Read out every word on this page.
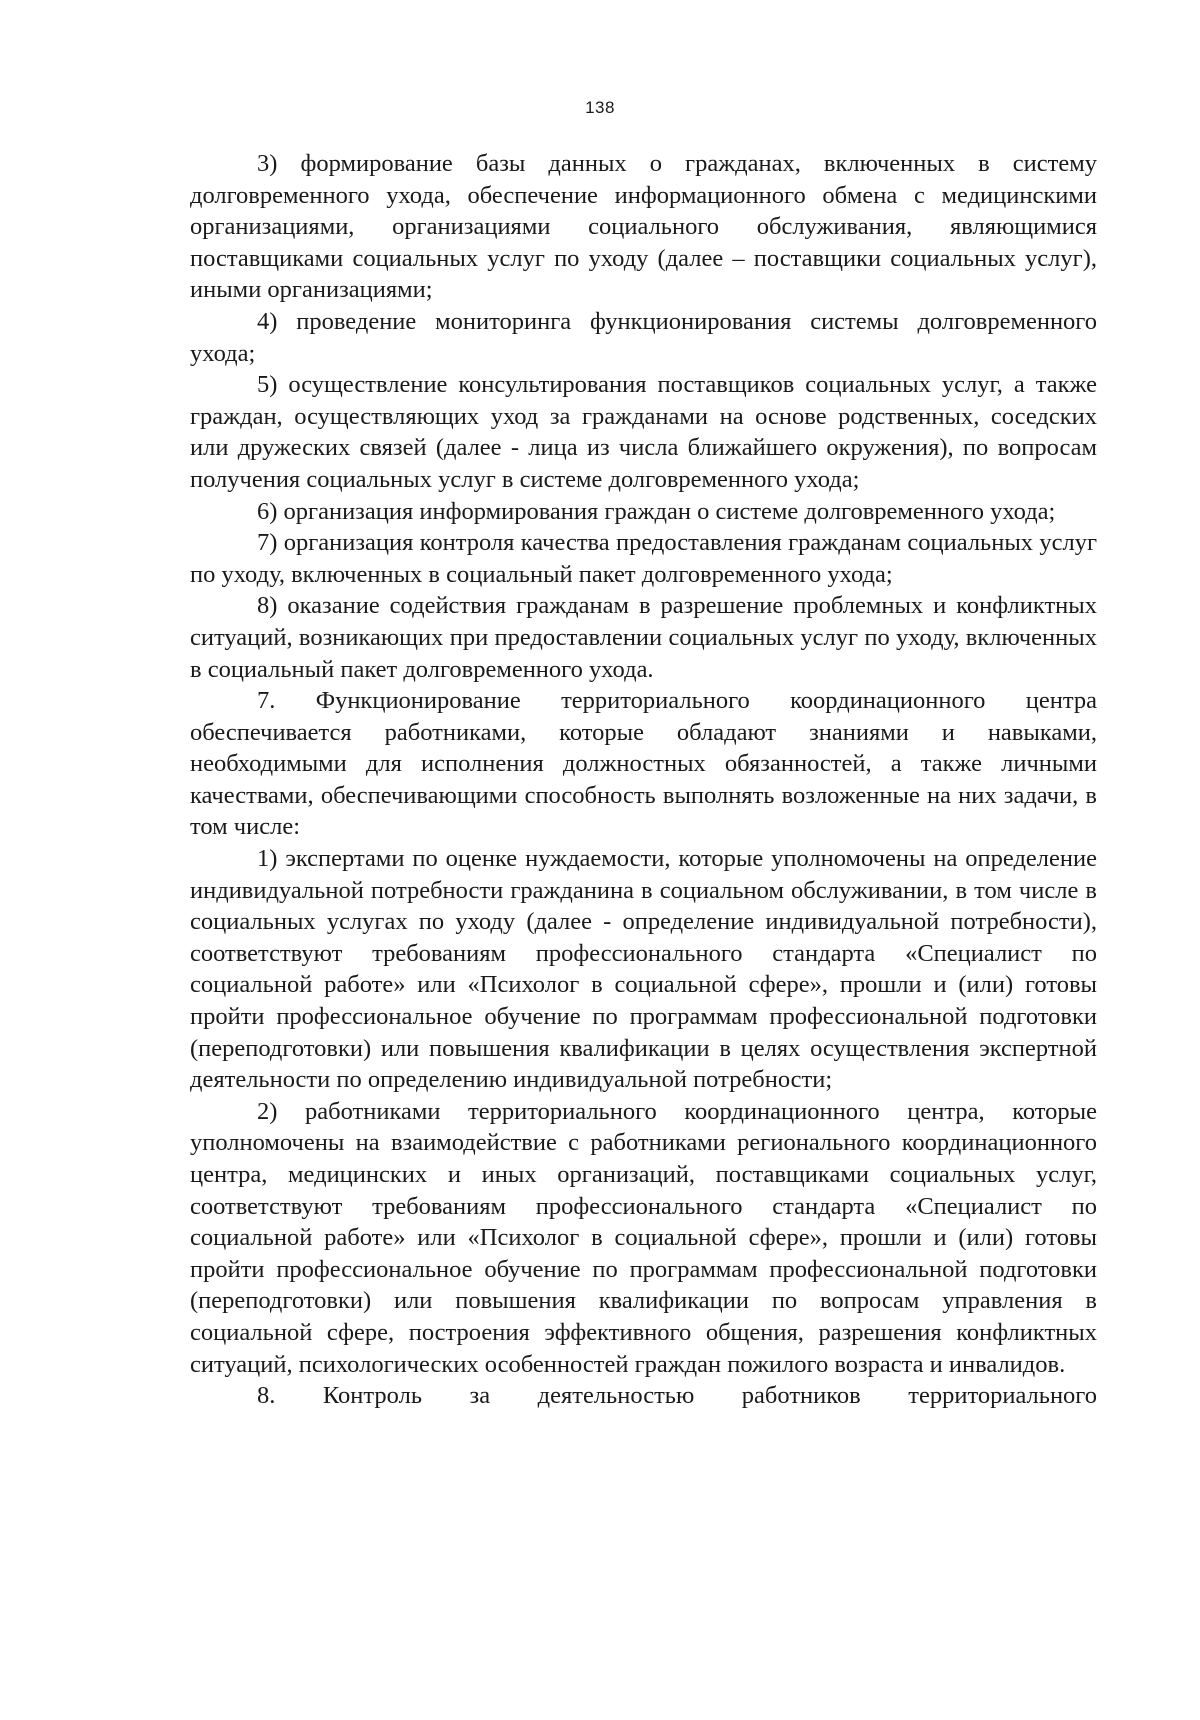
138

3) формирование базы данных о гражданах, включенных в систему долговременного ухода, обеспечение информационного обмена с медицинскими организациями, организациями социального обслуживания, являющимися поставщиками социальных услуг по уходу (далее – поставщики социальных услуг), иными организациями;

4) проведение мониторинга функционирования системы долговременного ухода;

5) осуществление консультирования поставщиков социальных услуг, а также граждан, осуществляющих уход за гражданами на основе родственных, соседских или дружеских связей (далее - лица из числа ближайшего окружения), по вопросам получения социальных услуг в системе долговременного ухода;

6) организация информирования граждан о системе долговременного ухода;

7) организация контроля качества предоставления гражданам социальных услуг по уходу, включенных в социальный пакет долговременного ухода;

8) оказание содействия гражданам в разрешение проблемных и конфликтных ситуаций, возникающих при предоставлении социальных услуг по уходу, включенных в социальный пакет долговременного ухода.

7. Функционирование территориального координационного центра обеспечивается работниками, которые обладают знаниями и навыками, необходимыми для исполнения должностных обязанностей, а также личными качествами, обеспечивающими способность выполнять возложенные на них задачи, в том числе:

1) экспертами по оценке нуждаемости, которые уполномочены на определение индивидуальной потребности гражданина в социальном обслуживании, в том числе в социальных услугах по уходу (далее - определение индивидуальной потребности), соответствуют требованиям профессионального стандарта «Специалист по социальной работе» или «Психолог в социальной сфере», прошли и (или) готовы пройти профессиональное обучение по программам профессиональной подготовки (переподготовки) или повышения квалификации в целях осуществления экспертной деятельности по определению индивидуальной потребности;

2) работниками территориального координационного центра, которые уполномочены на взаимодействие с работниками регионального координационного центра, медицинских и иных организаций, поставщиками социальных услуг, соответствуют требованиям профессионального стандарта «Специалист по социальной работе» или «Психолог в социальной сфере», прошли и (или) готовы пройти профессиональное обучение по программам профессиональной подготовки (переподготовки) или повышения квалификации по вопросам управления в социальной сфере, построения эффективного общения, разрешения конфликтных ситуаций, психологических особенностей граждан пожилого возраста и инвалидов.

8. Контроль за деятельностью работников территориального
